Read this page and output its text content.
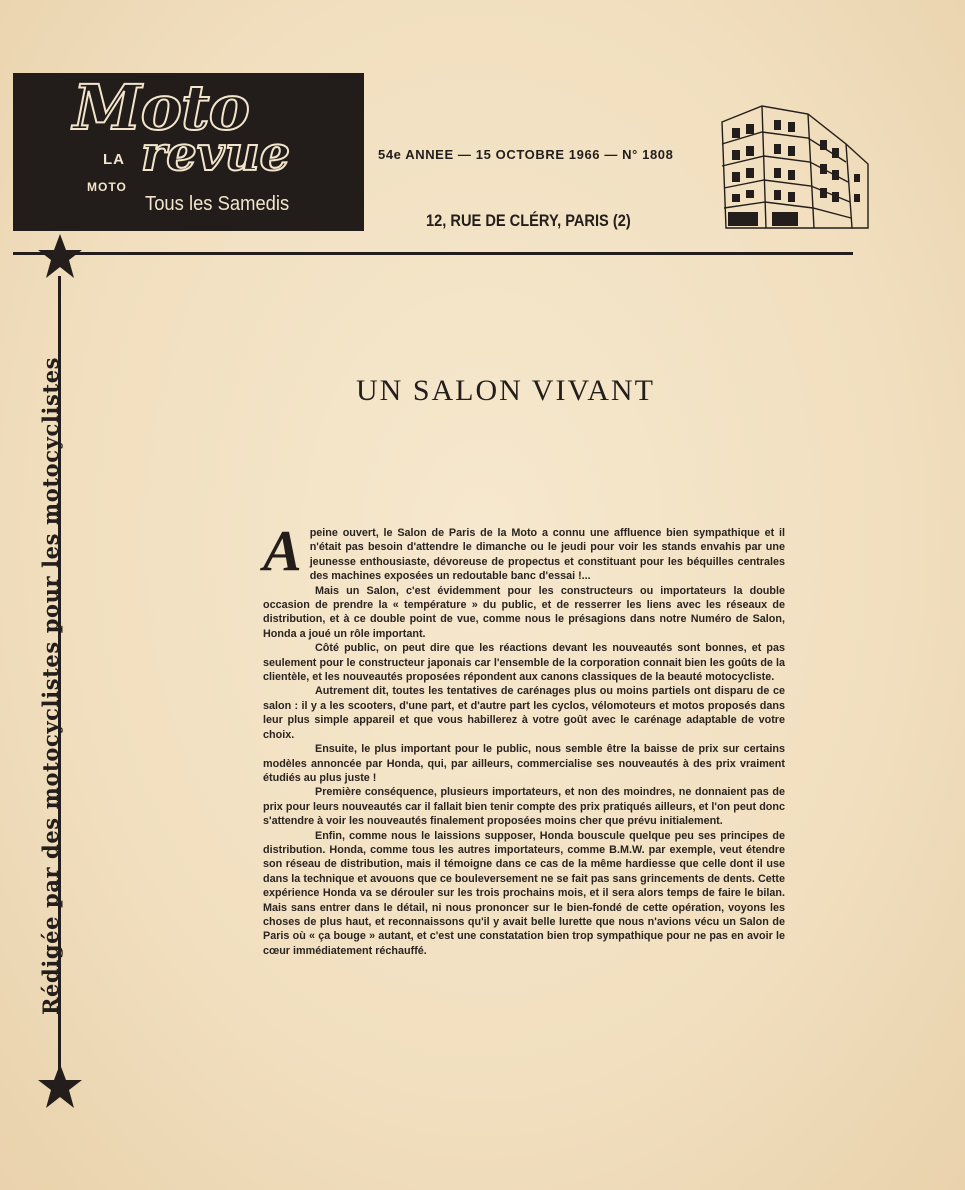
Moto
LA
MOTO
revue
Tous les Samedis
54e ANNEE — 15 OCTOBRE 1966 — N° 1808
12, RUE DE CLÉRY, PARIS (2)
Rédigée par des motocyclistes pour les motocyclistes	UN SALON VIVANT

Apeine ouvert, le Salon de Paris de la Moto a connu une affluence bien sympathique et il n'était pas besoin d'attendre le dimanche ou le jeudi pour voir les stands envahis par une jeunesse enthousiaste, dévoreuse de propectus et constituant pour les béquilles centrales des machines exposées un redoutable banc d'essai !...

Mais un Salon, c'est évidemment pour les constructeurs ou importateurs la double occasion de prendre la « température » du public, et de resserrer les liens avec les réseaux de distribution, et à ce double point de vue, comme nous le présagions dans notre Numéro de Salon, Honda a joué un rôle important.

Côté public, on peut dire que les réactions devant les nouveautés sont bonnes, et pas seulement pour le constructeur japonais car l'ensemble de la corporation connait bien les goûts de la clientèle, et les nouveautés proposées répondent aux canons classiques de la beauté motocycliste.

Autrement dit, toutes les tentatives de carénages plus ou moins partiels ont disparu de ce salon : il y a les scooters, d'une part, et d'autre part les cyclos, vélomoteurs et motos proposés dans leur plus simple appareil et que vous habillerez à votre goût avec le carénage adaptable de votre choix.

Ensuite, le plus important pour le public, nous semble être la baisse de prix sur certains modèles annoncée par Honda, qui, par ailleurs, commercialise ses nouveautés à des prix vraiment étudiés au plus juste !

Première conséquence, plusieurs importateurs, et non des moindres, ne donnaient pas de prix pour leurs nouveautés car il fallait bien tenir compte des prix pratiqués ailleurs, et l'on peut donc s'attendre à voir les nouveautés finalement proposées moins cher que prévu initialement.

Enfin, comme nous le laissions supposer, Honda bouscule quelque peu ses principes de distribution. Honda, comme tous les autres importateurs, comme B.M.W. par exemple, veut étendre son réseau de distribution, mais il témoigne dans ce cas de la même hardiesse que celle dont il use dans la technique et avouons que ce bouleversement ne se fait pas sans grincements de dents. Cette expérience Honda va se dérouler sur les trois prochains mois, et il sera alors temps de faire le bilan. Mais sans entrer dans le détail, ni nous prononcer sur le bien-fondé de cette opération, voyons les choses de plus haut, et reconnaissons qu'il y avait belle lurette que nous n'avions vécu un Salon de Paris où « ça bouge » autant, et c'est une constatation bien trop sympathique pour ne pas en avoir le cœur immédiatement réchauffé.
